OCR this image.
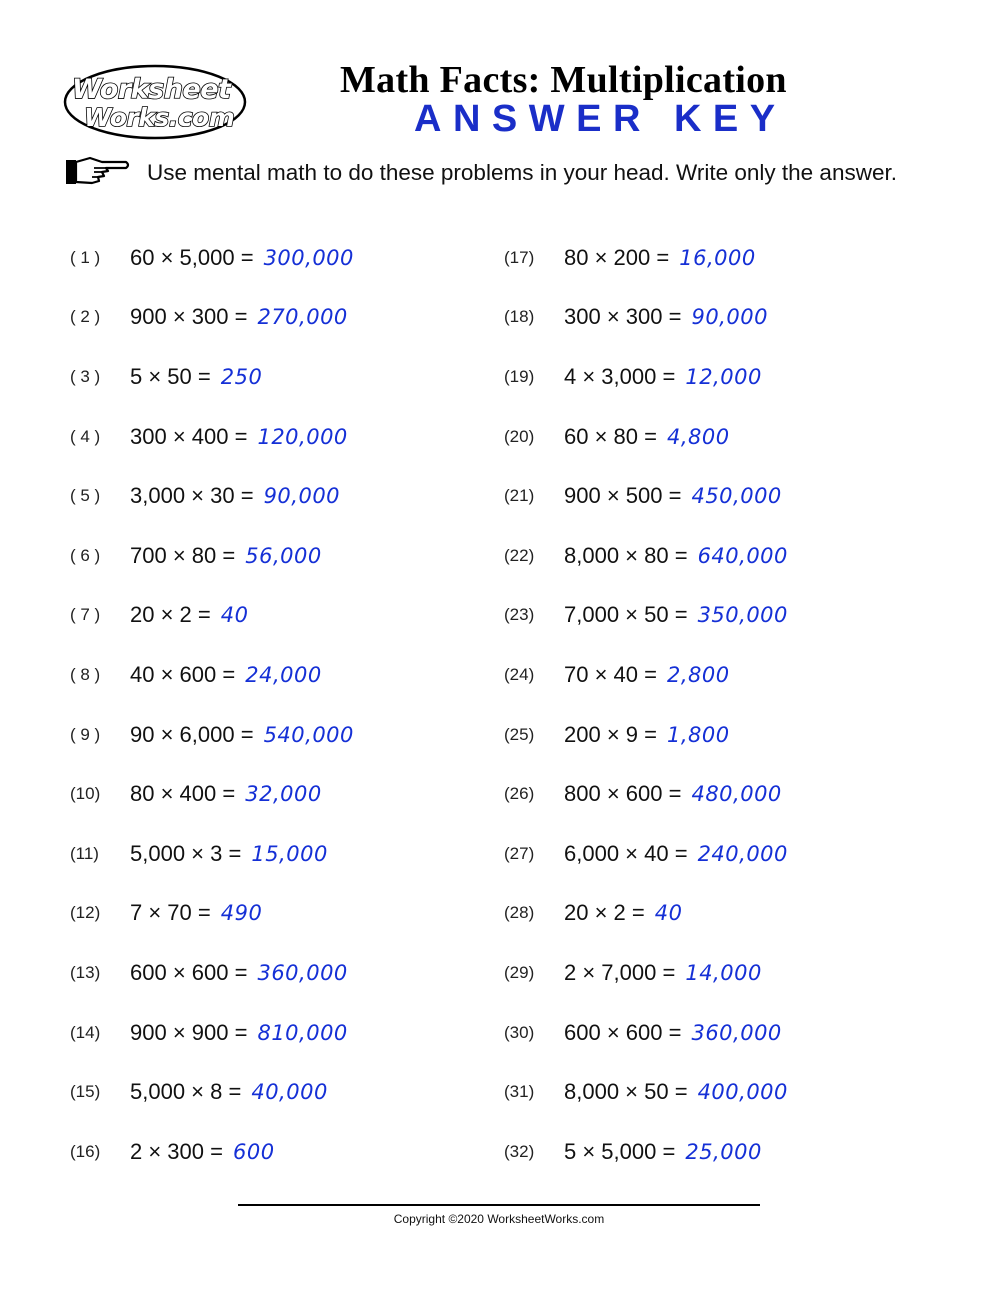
Worksheet
Works.com
Math Facts: Multiplication
ANSWER KEY
Use mental math to do these problems in your head. Write only the answer.
( 1 )	60 × 5,000 = 300,000
( 2 )	900 × 300 = 270,000
( 3 )	5 × 50 = 250
( 4 )	300 × 400 = 120,000
( 5 )	3,000 × 30 = 90,000
( 6 )	700 × 80 = 56,000
( 7 )	20 × 2 = 40
( 8 )	40 × 600 = 24,000
( 9 )	90 × 6,000 = 540,000
(10)	80 × 400 = 32,000
(11)	5,000 × 3 = 15,000
(12)	7 × 70 = 490
(13)	600 × 600 = 360,000
(14)	900 × 900 = 810,000
(15)	5,000 × 8 = 40,000
(16)	2 × 300 = 600
(17)	80 × 200 = 16,000
(18)	300 × 300 = 90,000
(19)	4 × 3,000 = 12,000
(20)	60 × 80 = 4,800
(21)	900 × 500 = 450,000
(22)	8,000 × 80 = 640,000
(23)	7,000 × 50 = 350,000
(24)	70 × 40 = 2,800
(25)	200 × 9 = 1,800
(26)	800 × 600 = 480,000
(27)	6,000 × 40 = 240,000
(28)	20 × 2 = 40
(29)	2 × 7,000 = 14,000
(30)	600 × 600 = 360,000
(31)	8,000 × 50 = 400,000
(32)	5 × 5,000 = 25,000
Copyright ©2020 WorksheetWorks.com
